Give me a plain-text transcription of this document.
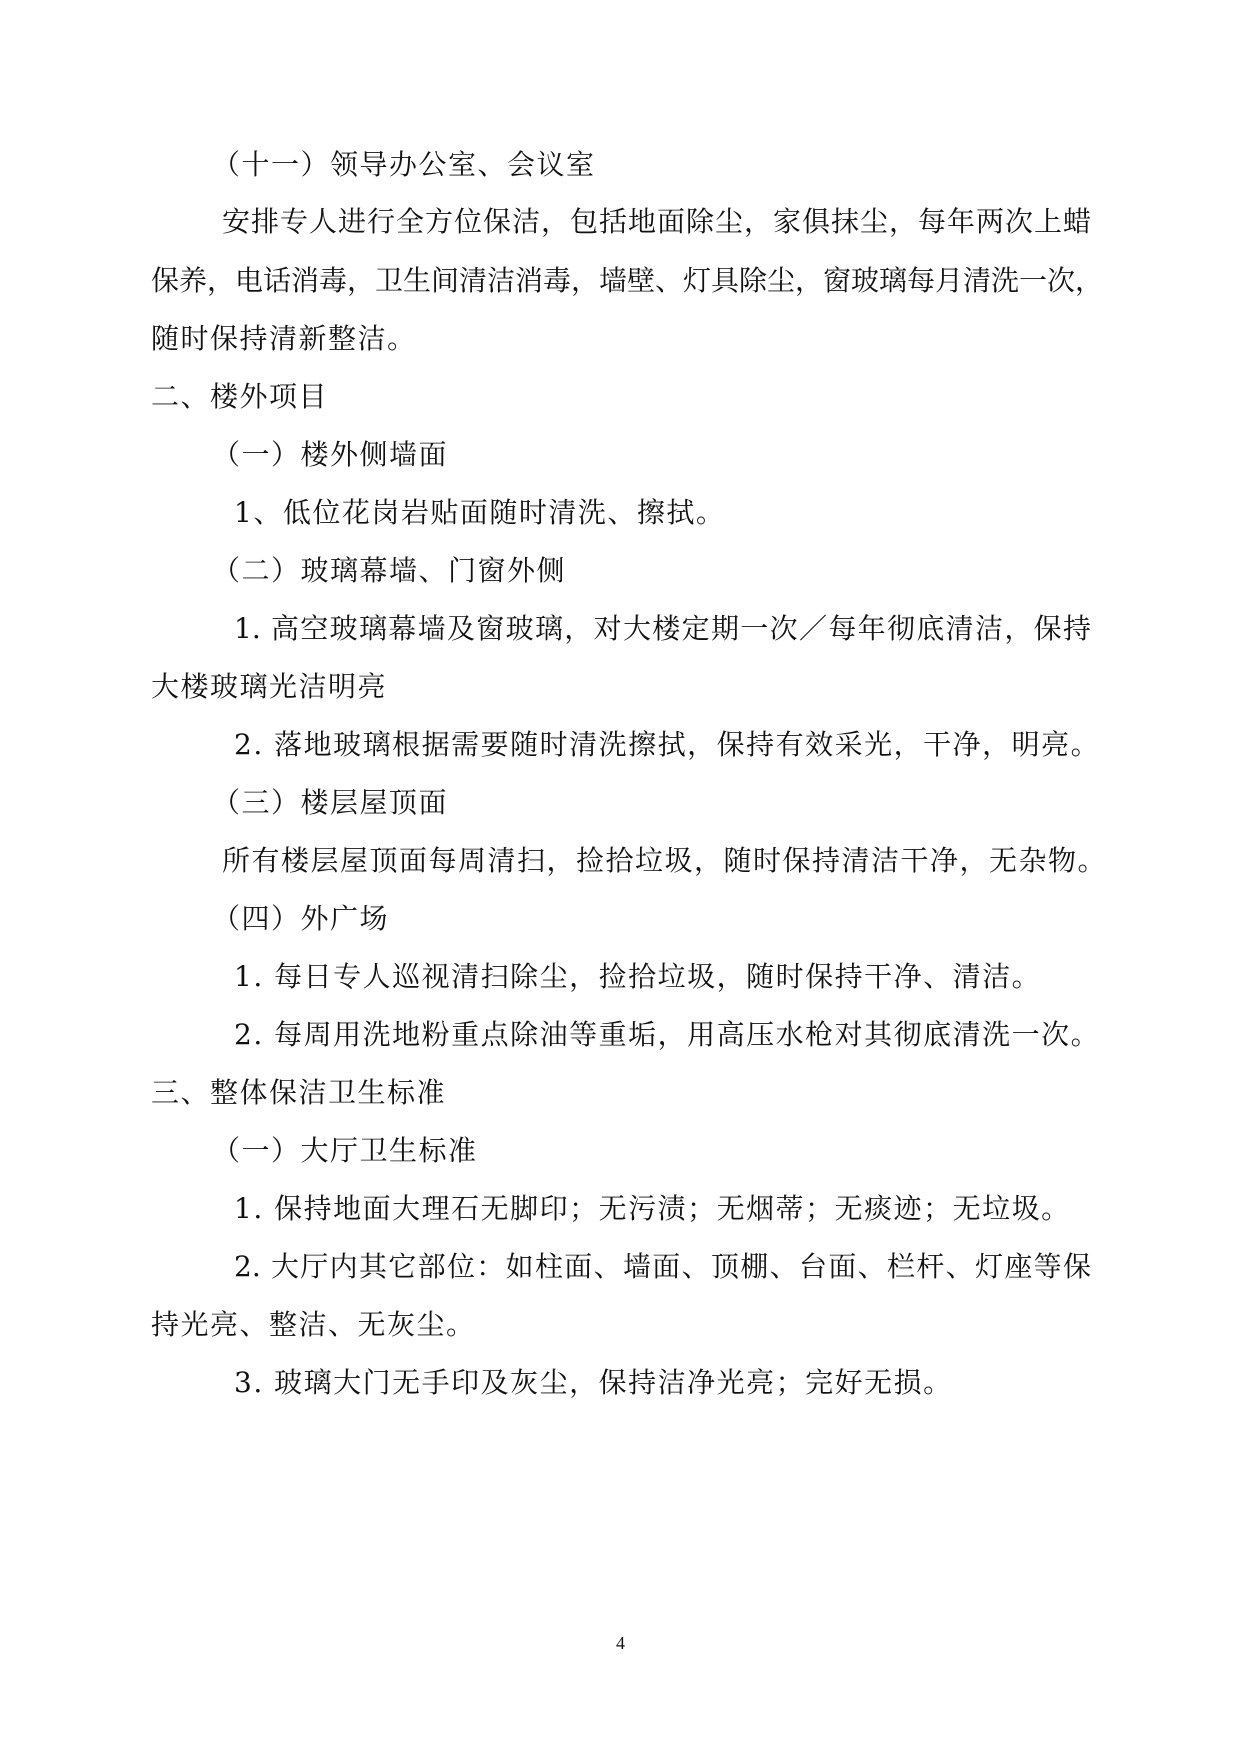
（十一）领导办公室、会议室
安排专人进行全方位保洁，包括地面除尘，家俱抹尘，每年两次上蜡
保养，电话消毒，卫生间清洁消毒，墙壁、灯具除尘，窗玻璃每月清洗一次，
随时保持清新整洁。
二、楼外项目
（一）楼外侧墙面
1、低位花岗岩贴面随时清洗、擦拭。
（二）玻璃幕墙、门窗外侧
1. 高空玻璃幕墙及窗玻璃，对大楼定期一次／每年彻底清洁，保持
大楼玻璃光洁明亮
2. 落地玻璃根据需要随时清洗擦拭，保持有效采光，干净，明亮。
（三）楼层屋顶面
所有楼层屋顶面每周清扫，捡拾垃圾，随时保持清洁干净，无杂物。
（四）外广场
1. 每日专人巡视清扫除尘，捡拾垃圾，随时保持干净、清洁。
2. 每周用洗地粉重点除油等重垢，用高压水枪对其彻底清洗一次。
三、整体保洁卫生标准
（一）大厅卫生标准
1. 保持地面大理石无脚印；无污渍；无烟蒂；无痰迹；无垃圾。
2. 大厅内其它部位：如柱面、墙面、顶棚、台面、栏杆、灯座等保
持光亮、整洁、无灰尘。
3. 玻璃大门无手印及灰尘，保持洁净光亮；完好无损。
4
